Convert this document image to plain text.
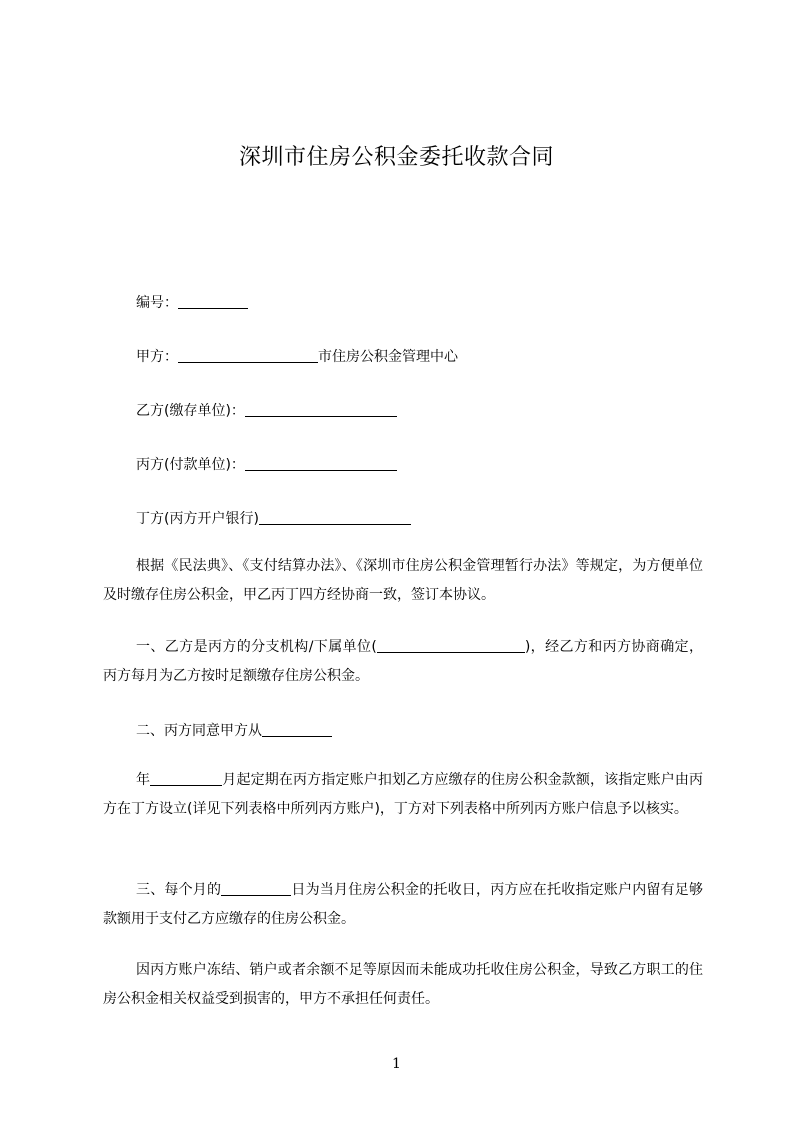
深圳市住房公积金委托收款合同
编号：
甲方：	市住房公积金管理中心
乙方(缴存单位)：
丙方(付款单位)：
丁方(丙方开户银行)
根据《民法典》、《支付结算办法》、《深圳市住房公积金管理暂行办法》等规定，为方便单位及时缴存住房公积金，甲乙丙丁四方经协商一致，签订本协议。
一、乙方是丙方的分支机构/下属单位(	)，经乙方和丙方协商确定，丙方每月为乙方按时足额缴存住房公积金。
二、丙方同意甲方从
年	月起定期在丙方指定账户扣划乙方应缴存的住房公积金款额，该指定账户由丙方在丁方设立(详见下列表格中所列丙方账户)，丁方对下列表格中所列丙方账户信息予以核实。
三、每个月的	日为当月住房公积金的托收日，丙方应在托收指定账户内留有足够款额用于支付乙方应缴存的住房公积金。
因丙方账户冻结、销户或者余额不足等原因而未能成功托收住房公积金，导致乙方职工的住房公积金相关权益受到损害的，甲方不承担任何责任。
1
